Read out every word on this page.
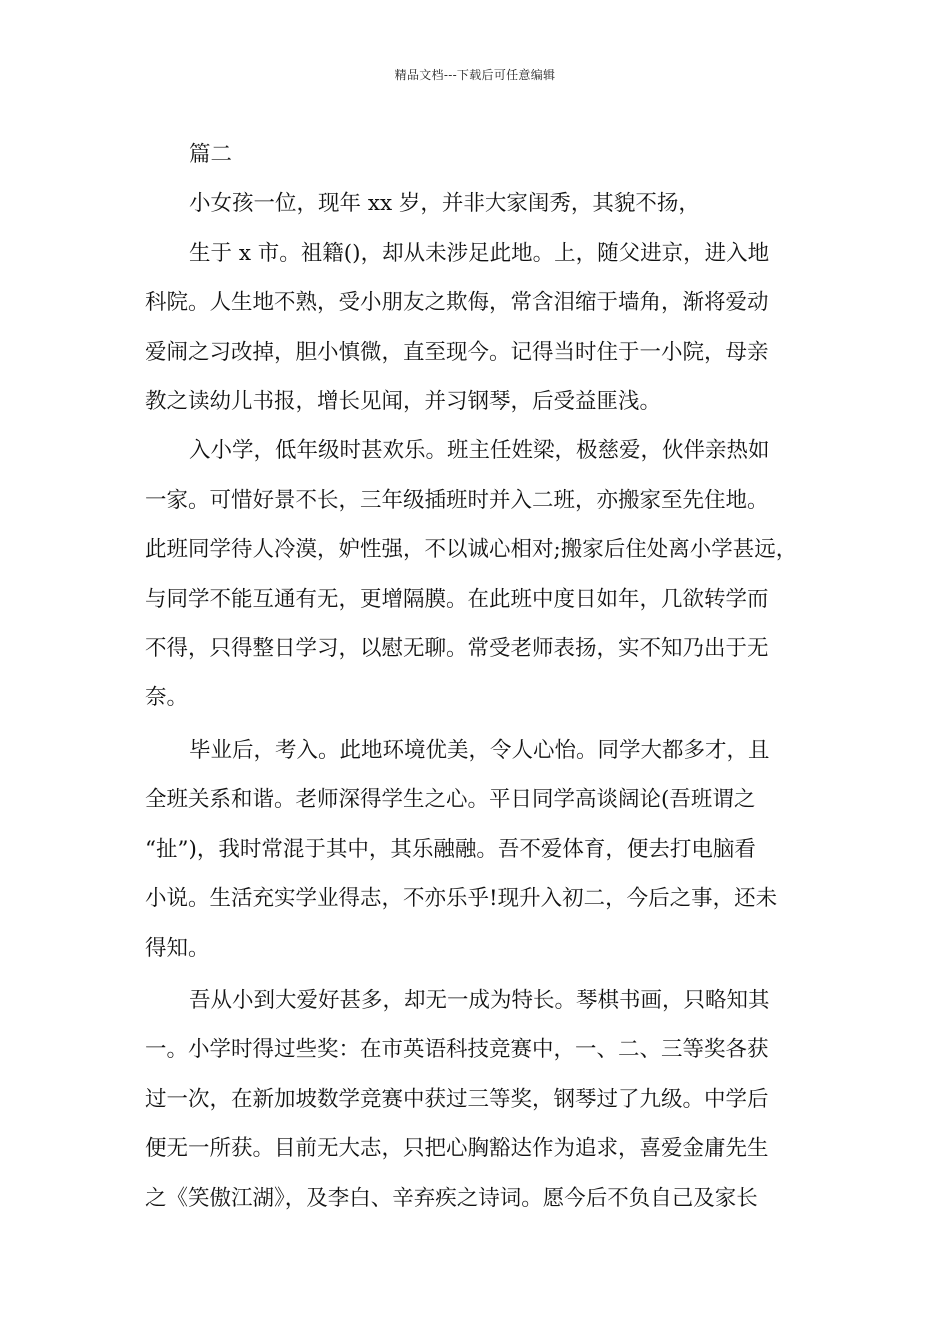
精品文档---下载后可任意编辑
篇二
小女孩一位，现年 xx 岁，并非大家闺秀，其貌不扬，
生于 x 市。祖籍()，却从未涉足此地。上，随父进京，进入地
科院。人生地不熟，受小朋友之欺侮，常含泪缩于墙角，渐将爱动
爱闹之习改掉，胆小慎微，直至现今。记得当时住于一小院，母亲
教之读幼儿书报，增长见闻，并习钢琴，后受益匪浅。
入小学，低年级时甚欢乐。班主任姓梁，极慈爱，伙伴亲热如
一家。可惜好景不长，三年级插班时并入二班，亦搬家至先住地。
此班同学待人冷漠，妒性强，不以诚心相对;搬家后住处离小学甚远，
与同学不能互通有无，更增隔膜。在此班中度日如年，几欲转学而
不得，只得整日学习，以慰无聊。常受老师表扬，实不知乃出于无
奈。
毕业后，考入。此地环境优美，令人心怡。同学大都多才，且
全班关系和谐。老师深得学生之心。平日同学高谈阔论(吾班谓之
“扯”)，我时常混于其中，其乐融融。吾不爱体育，便去打电脑看
小说。生活充实学业得志，不亦乐乎!现升入初二，今后之事，还未
得知。
吾从小到大爱好甚多，却无一成为特长。琴棋书画，只略知其
一。小学时得过些奖：在市英语科技竞赛中，一、二、三等奖各获
过一次，在新加坡数学竞赛中获过三等奖，钢琴过了九级。中学后
便无一所获。目前无大志，只把心胸豁达作为追求，喜爱金庸先生
之《笑傲江湖》，及李白、辛弃疾之诗词。愿今后不负自己及家长
